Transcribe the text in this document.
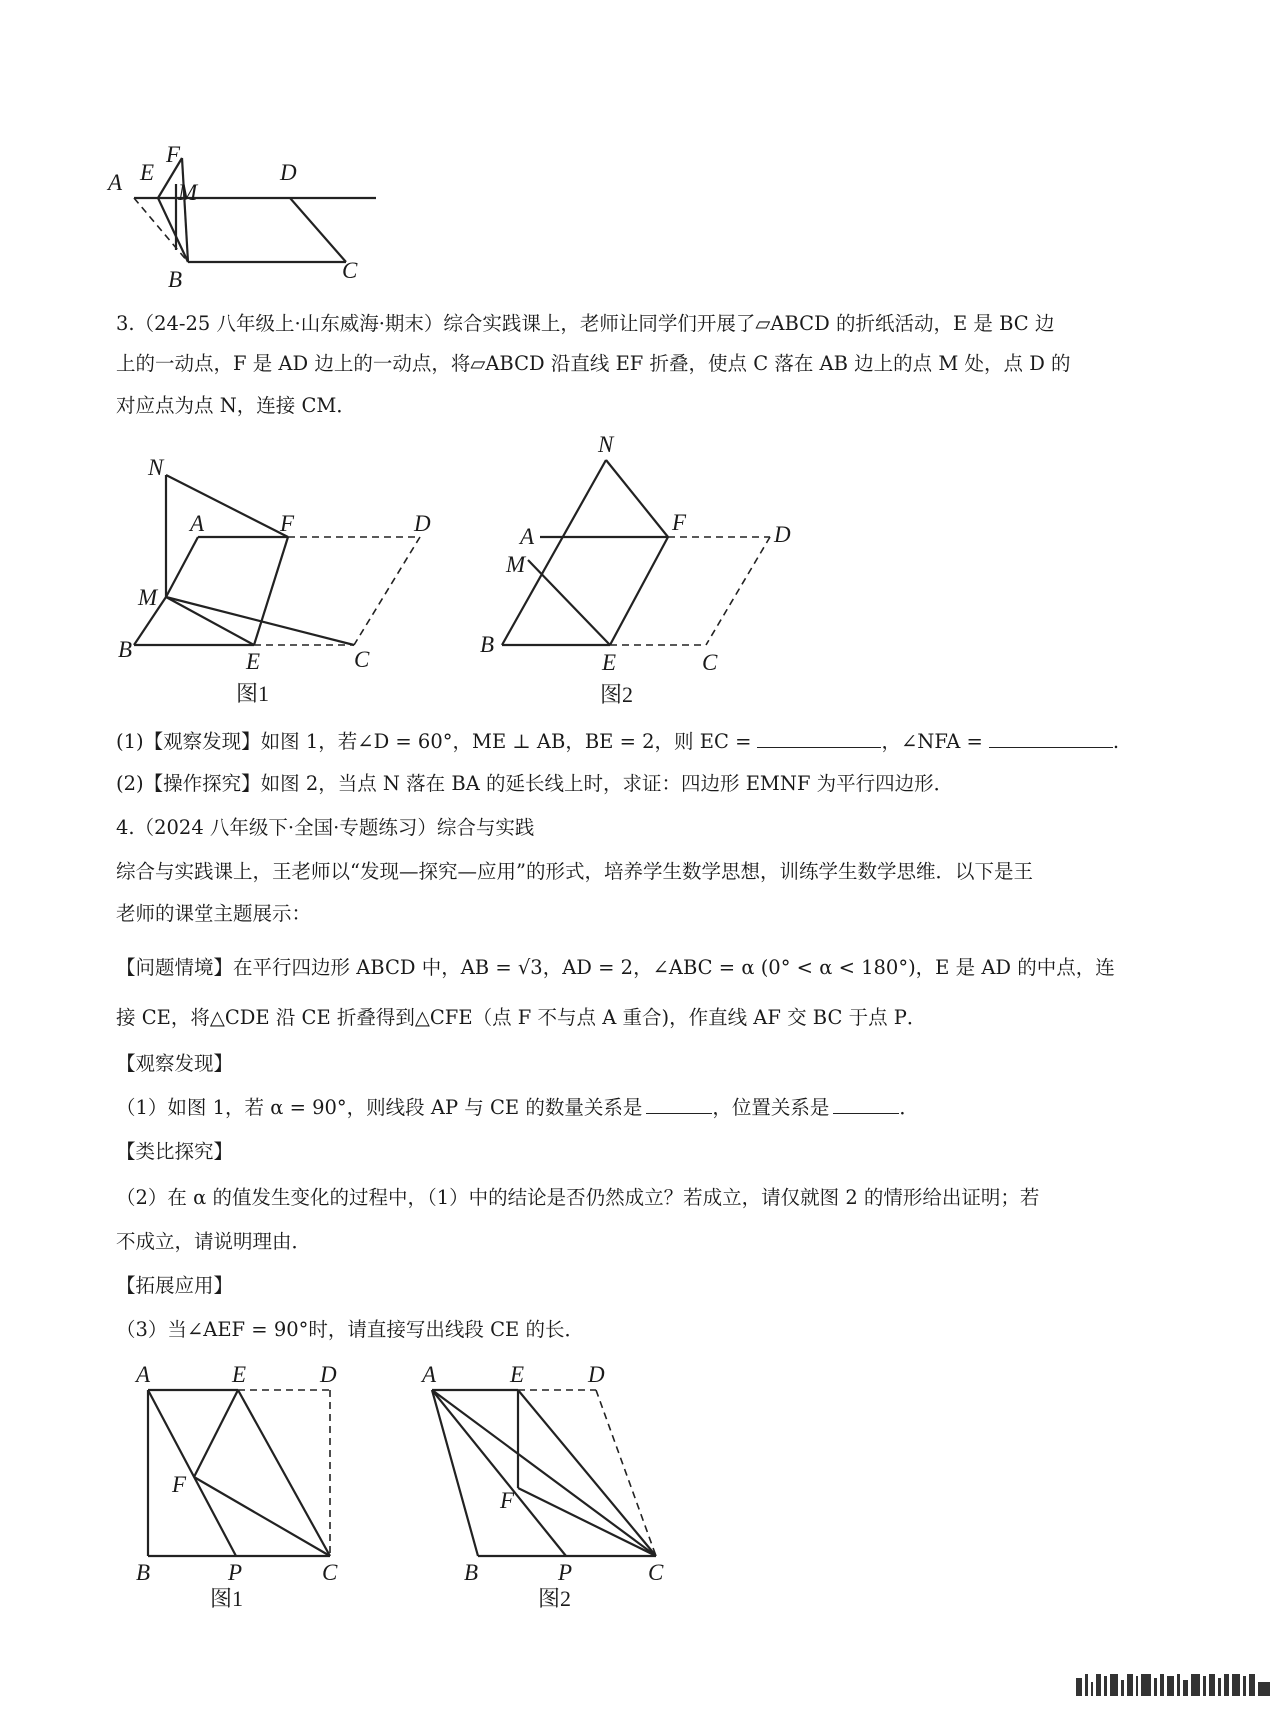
A E
F
M
D
B	C

3.（24-25 八年级上·山东威海·期末）综合实践课上，老师让同学们开展了▱ABCD 的折纸活动，E 是 BC 边

上的一动点，F 是 AD 边上的一动点，将▱ABCD 沿直线 EF 折叠，使点 C 落在 AB 边上的点 M 处，点 D 的

对应点为点 N，连接 CM．

N
A	F	D
M
B	E	C
图1
N
A
F	D
M
B
E	C
图2

(1)【观察发现】如图 1，若∠D = 60°，ME ⊥ AB，BE = 2，则 EC =	，∠NFA =	.

(2)【操作探究】如图 2，当点 N 落在 BA 的延长线上时，求证：四边形 EMNF 为平行四边形．

4.（2024 八年级下·全国·专题练习）综合与实践

综合与实践课上，王老师以“发现—探究—应用”的形式，培养学生数学思想，训练学生数学思维．以下是王

老师的课堂主题展示：

【问题情境】在平行四边形 ABCD 中，AB = √3，AD = 2，∠ABC = α (0° < α < 180°)，E 是 AD 的中点，连

接 CE，将△CDE 沿 CE 折叠得到△CFE（点 F 不与点 A 重合)，作直线 AF 交 BC 于点 P．

【观察发现】

（1）如图 1，若 α = 90°，则线段 AP 与 CE 的数量关系是	，位置关系是	．

【类比探究】

（2）在 α 的值发生变化的过程中，（1）中的结论是否仍然成立？若成立，请仅就图 2 的情形给出证明；若

不成立，请说明理由．

【拓展应用】

（3）当∠AEF = 90°时，请直接写出线段 CE 的长．

A	E	D
F
B	P	C
图1
A	E	D
F
B	P	C
图2
